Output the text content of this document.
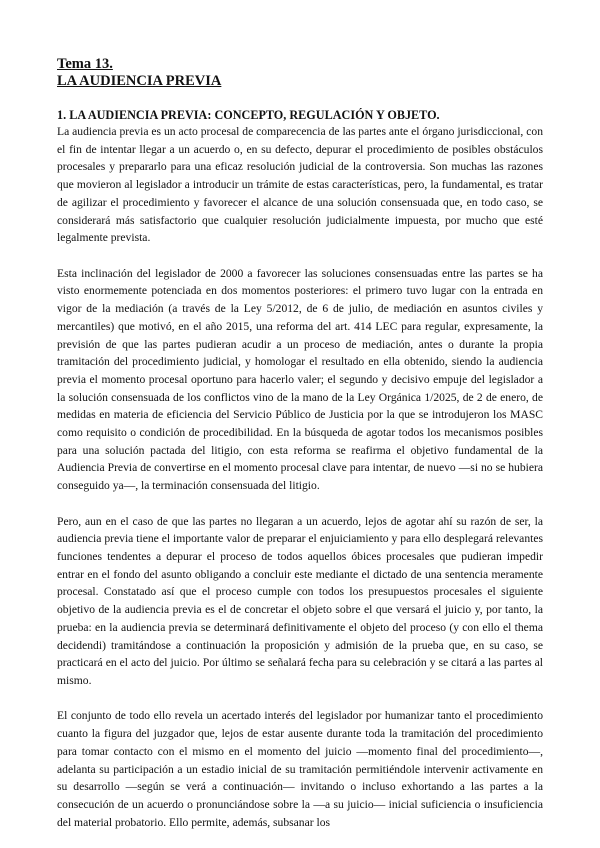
Tema 13.
LA AUDIENCIA PREVIA
1. LA AUDIENCIA PREVIA: CONCEPTO, REGULACIÓN Y OBJETO.

La audiencia previa es un acto procesal de comparecencia de las partes ante el órgano jurisdiccional, con el fin de intentar llegar a un acuerdo o, en su defecto, depurar el procedimiento de posibles obstáculos procesales y prepararlo para una eficaz resolución judicial de la controversia. Son muchas las razones que movieron al legislador a introducir un trámite de estas características, pero, la fundamental, es tratar de agilizar el procedimiento y favorecer el alcance de una solución consensuada que, en todo caso, se considerará más satisfactorio que cualquier resolución judicialmente impuesta, por mucho que esté legalmente prevista.

Esta inclinación del legislador de 2000 a favorecer las soluciones consensuadas entre las partes se ha visto enormemente potenciada en dos momentos posteriores: el primero tuvo lugar con la entrada en vigor de la mediación (a través de la Ley 5/2012, de 6 de julio, de mediación en asuntos civiles y mercantiles) que motivó, en el año 2015, una reforma del art. 414 LEC para regular, expresamente, la previsión de que las partes pudieran acudir a un proceso de mediación, antes o durante la propia tramitación del procedimiento judicial, y homologar el resultado en ella obtenido, siendo la audiencia previa el momento procesal oportuno para hacerlo valer; el segundo y decisivo empuje del legislador a la solución consensuada de los conflictos vino de la mano de la Ley Orgánica 1/2025, de 2 de enero, de medidas en materia de eficiencia del Servicio Público de Justicia por la que se introdujeron los MASC como requisito o condición de procedibilidad. En la búsqueda de agotar todos los mecanismos posibles para una solución pactada del litigio, con esta reforma se reafirma el objetivo fundamental de la Audiencia Previa de convertirse en el momento procesal clave para intentar, de nuevo —si no se hubiera conseguido ya—, la terminación consensuada del litigio.

Pero, aun en el caso de que las partes no llegaran a un acuerdo, lejos de agotar ahí su razón de ser, la audiencia previa tiene el importante valor de preparar el enjuiciamiento y para ello desplegará relevantes funciones tendentes a depurar el proceso de todos aquellos óbices procesales que pudieran impedir entrar en el fondo del asunto obligando a concluir este mediante el dictado de una sentencia meramente procesal. Constatado así que el proceso cumple con todos los presupuestos procesales el siguiente objetivo de la audiencia previa es el de concretar el objeto sobre el que versará el juicio y, por tanto, la prueba: en la audiencia previa se determinará definitivamente el objeto del proceso (y con ello el thema decidendi) tramitándose a continuación la proposición y admisión de la prueba que, en su caso, se practicará en el acto del juicio. Por último se señalará fecha para su celebración y se citará a las partes al mismo.

El conjunto de todo ello revela un acertado interés del legislador por humanizar tanto el procedimiento cuanto la figura del juzgador que, lejos de estar ausente durante toda la tramitación del procedimiento para tomar contacto con el mismo en el momento del juicio —momento final del procedimiento—, adelanta su participación a un estadio inicial de su tramitación permitiéndole intervenir activamente en su desarrollo —según se verá a continuación— invitando o incluso exhortando a las partes a la consecución de un acuerdo o pronunciándose sobre la —a su juicio— inicial suficiencia o insuficiencia del material probatorio. Ello permite, además, subsanar los
